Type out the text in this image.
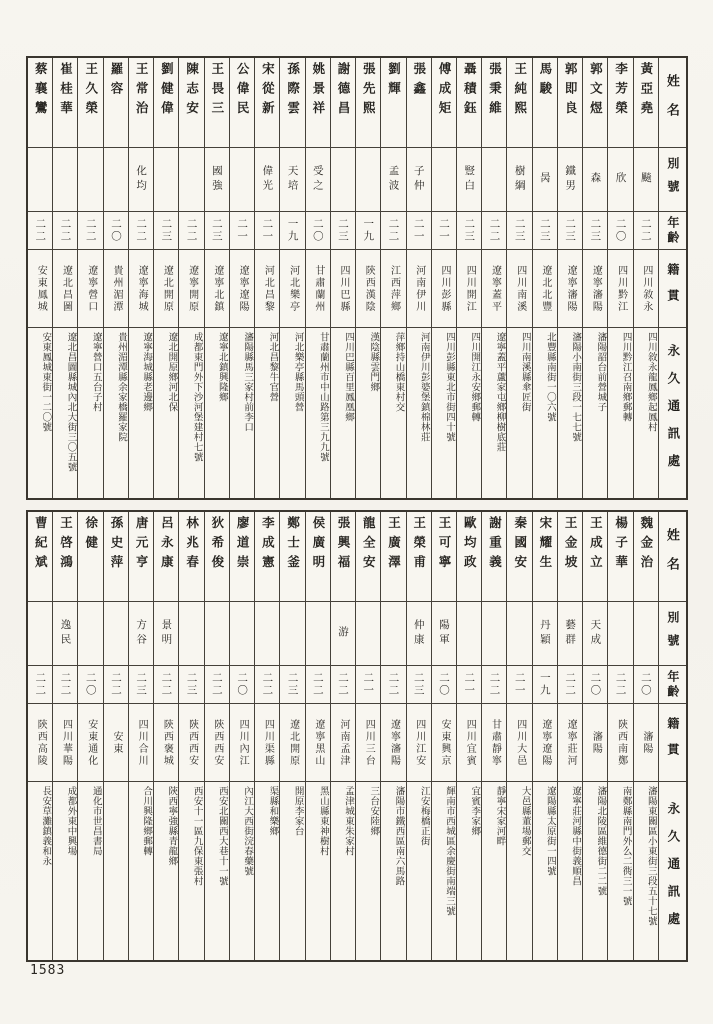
蔡襄鸞
二二
安東鳳城
安東鳳城東街一二〇號
崔桂華
二二
遼北昌圖
遼北昌圖縣城內北大街三〇五號
王久榮
二二
遼寧營口
遼寧營口五台子村
羅容
二〇
貴州湄潭
貴州湄潭縣余家橋羅家院
王常治
化均
二二
遼寧海城
遼寧海城縣老邊鄉
劉健偉
二三
遼北開原
遼北開原鄉河北保
陳志安
二二
遼寧開原
成都東門外下沙河堡建村七號
王畏三
國強
二三
遼寧北鎮
遼寧北鎮興隆鄉
公偉民
二一
遼寧遼陽
瀋陽縣馬三家村前李口
宋從新
偉光
二一
河北昌黎
河北昌黎牛官營
孫際雲
天培
一九
河北樂亭
河北樂亭縣馬頭營
姚景祥
受之
二〇
甘肅蘭州
甘肅蘭州市中山路第三九九號
謝德昌
二三
四川巴縣
四川巴縣百里鳳凰鄉
張先熙
一九
陝西漢陰
漢陰縣雲門鄉
劉輝
孟波
二二
江西萍鄉
萍鄉持山橋東村交
張鑫
子仲
二一
河南伊川
河南伊川彭婆堡鎮棉林莊
傅成矩
二一
四川彭縣
四川彭縣東北市街四十號
聶積鈺
豎白
二三
四川開江
四川開江永安鄉郵轉
張秉維
二二
遼寧蓋平
遼寧蓋平蘆家屯鄉柳樹底莊
王純熙
樹綱
二三
四川南溪
四川南溪縣傘匠街
馬駿
昺
二三
遼北北豐
北豐縣南街一〇六號
郭即良
鐵男
二三
遼寧瀋陽
瀋陽小南街三段一七七號
郭文煜
森
二三
遼寧瀋陽
瀋陽韶台前營城子
李芳榮
欣
二〇
四川黔江
四川黔江召南鄉郵轉
黃亞堯
飈
二二
四川敘永
四川敘永龍鳳鄉起鳳村
姓名
別號
年齡
籍貫
永久通訊處
曹紀斌
二二
陝西高陵
長安草灘鎮義和永
王啓鴻
逸民
二二
四川華陽
成都外東中興場
徐健
二〇
安東通化
通化市世昌書局
孫史萍
二二
安東
唐元亨
方谷
二三
四川合川
合川興隆鄉郵轉
呂永康
景明
二二
陝西褒城
陝西寧強縣青龍鄉
林兆春
二三
陝西西安
西安十一區九保東張村
狄希俊
二二
陝西西安
西安北關西大巷十一號
廖道崇
二〇
四川內江
內江大西街浣春藥號
李成憲
二二
四川渠縣
渠縣和樂鄉
鄭士釜
二三
遼北開原
開原李家台
侯廣明
二二
遼寧黑山
黑山縣東神樹村
張興福
游
二二
河南孟津
孟津城東朱家村
龍全安
二一
四川三台
三台安陸鄉
王廣澤
二二
遼寧瀋陽
瀋陽市鐵西區南六馬路
王榮甫
仲康
二三
四川江安
江安梅橋正街
王可寧
陽軍
二〇
安東興京
輝南市西城區余慶街南端三號
歐均政
二一
四川宜賓
宜賓李家鄉
謝重義
二二
甘肅靜寧
靜寧宋家河畔
秦國安
二一
四川大邑
大邑縣董場郵交
宋耀生
丹穎
一九
遼寧遼陽
遼陽縣太原街一四號
王金坡
藝群
二二
遼寧莊河
遼寧莊河縣中街義順昌
王成立
天成
二〇
瀋陽
瀋陽北陵區維德街二二號
楊子華
二二
陝西南鄭
南鄭縣南門外么二衖三一號
魏金治
二〇
瀋陽
瀋陽東關區小東街三段五十七號
姓名
別號
年齡
籍貫
永久通訊處
1583
